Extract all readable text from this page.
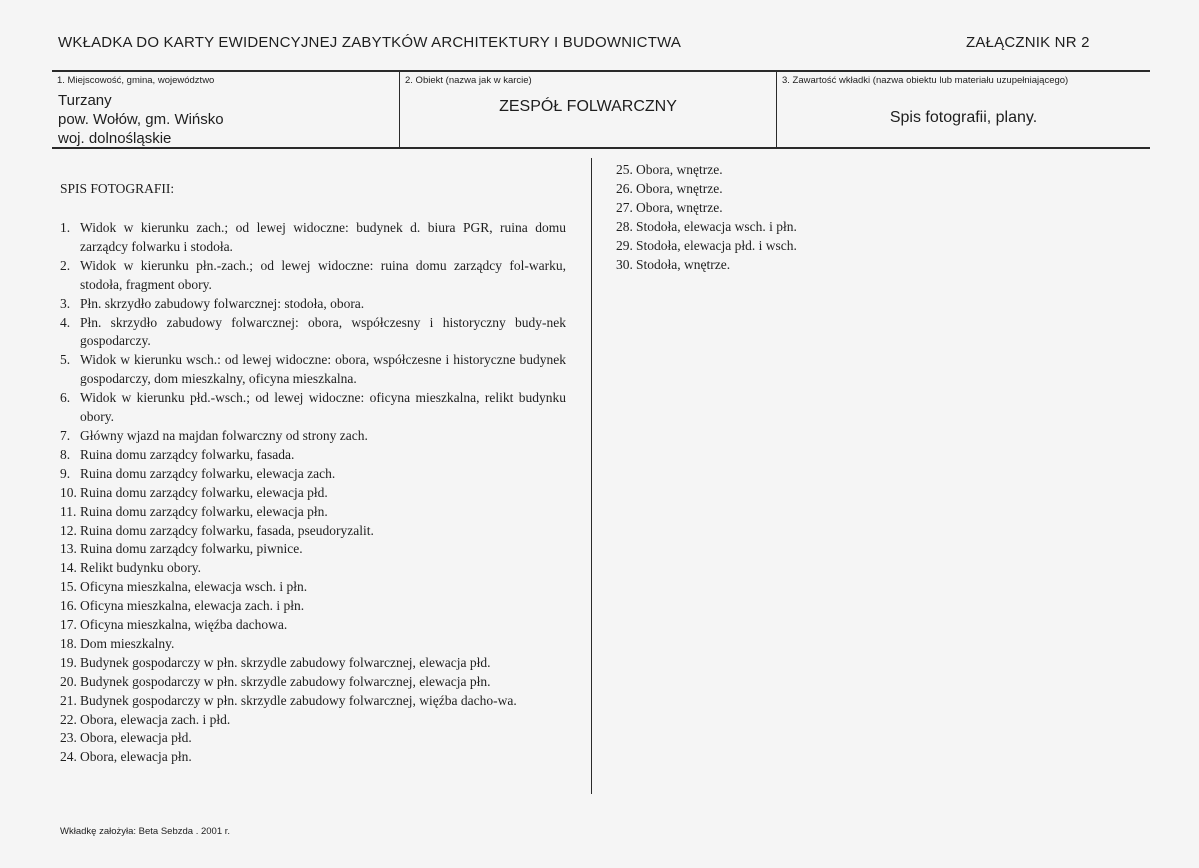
WKŁADKA DO KARTY EWIDENCYJNEJ ZABYTKÓW ARCHITEKTURY I BUDOWNICTWA	ZAŁĄCZNIK NR 2
1. Miejscowość, gmina, województwo
Turzany
pow. Wołów, gm. Wińsko
woj. dolnośląskie
2. Obiekt (nazwa jak w karcie)
ZESPÓŁ FOLWARCZNY
3. Zawartość wkładki (nazwa obiektu lub materiału uzupełniającego)
Spis fotografii, plany.
SPIS FOTOGRAFII:
1. Widok w kierunku zach.; od lewej widoczne: budynek d. biura PGR, ruina domu zarządcy folwarku i stodoła.
2. Widok w kierunku płn.-zach.; od lewej widoczne: ruina domu zarządcy fol-warku, stodoła, fragment obory.
3. Płn. skrzydło zabudowy folwarcznej: stodoła, obora.
4. Płn. skrzydło zabudowy folwarcznej: obora, współczesny i historyczny budy-nek gospodarczy.
5. Widok w kierunku wsch.: od lewej widoczne: obora, współczesne i historyczne budynek gospodarczy, dom mieszkalny, oficyna mieszkalna.
6. Widok w kierunku płd.-wsch.; od lewej widoczne: oficyna mieszkalna, relikt budynku obory.
7. Główny wjazd na majdan folwarczny od strony zach.
8. Ruina domu zarządcy folwarku, fasada.
9. Ruina domu zarządcy folwarku, elewacja zach.
10. Ruina domu zarządcy folwarku, elewacja płd.
11. Ruina domu zarządcy folwarku, elewacja płn.
12. Ruina domu zarządcy folwarku, fasada, pseudoryzalit.
13. Ruina domu zarządcy folwarku, piwnice.
14. Relikt budynku obory.
15. Oficyna mieszkalna, elewacja wsch. i płn.
16. Oficyna mieszkalna, elewacja zach. i płn.
17. Oficyna mieszkalna, więźba dachowa.
18. Dom mieszkalny.
19. Budynek gospodarczy w płn. skrzydle zabudowy folwarcznej, elewacja płd.
20. Budynek gospodarczy w płn. skrzydle zabudowy folwarcznej, elewacja płn.
21. Budynek gospodarczy w płn. skrzydle zabudowy folwarcznej, więźba dacho-wa.
22. Obora, elewacja zach. i płd.
23. Obora, elewacja płd.
24. Obora, elewacja płn.
25. Obora, wnętrze.
26. Obora, wnętrze.
27. Obora, wnętrze.
28. Stodoła, elewacja wsch. i płn.
29. Stodoła, elewacja płd. i wsch.
30. Stodoła, wnętrze.
Wkładkę założyła: Beta Sebzda . 2001 r.
